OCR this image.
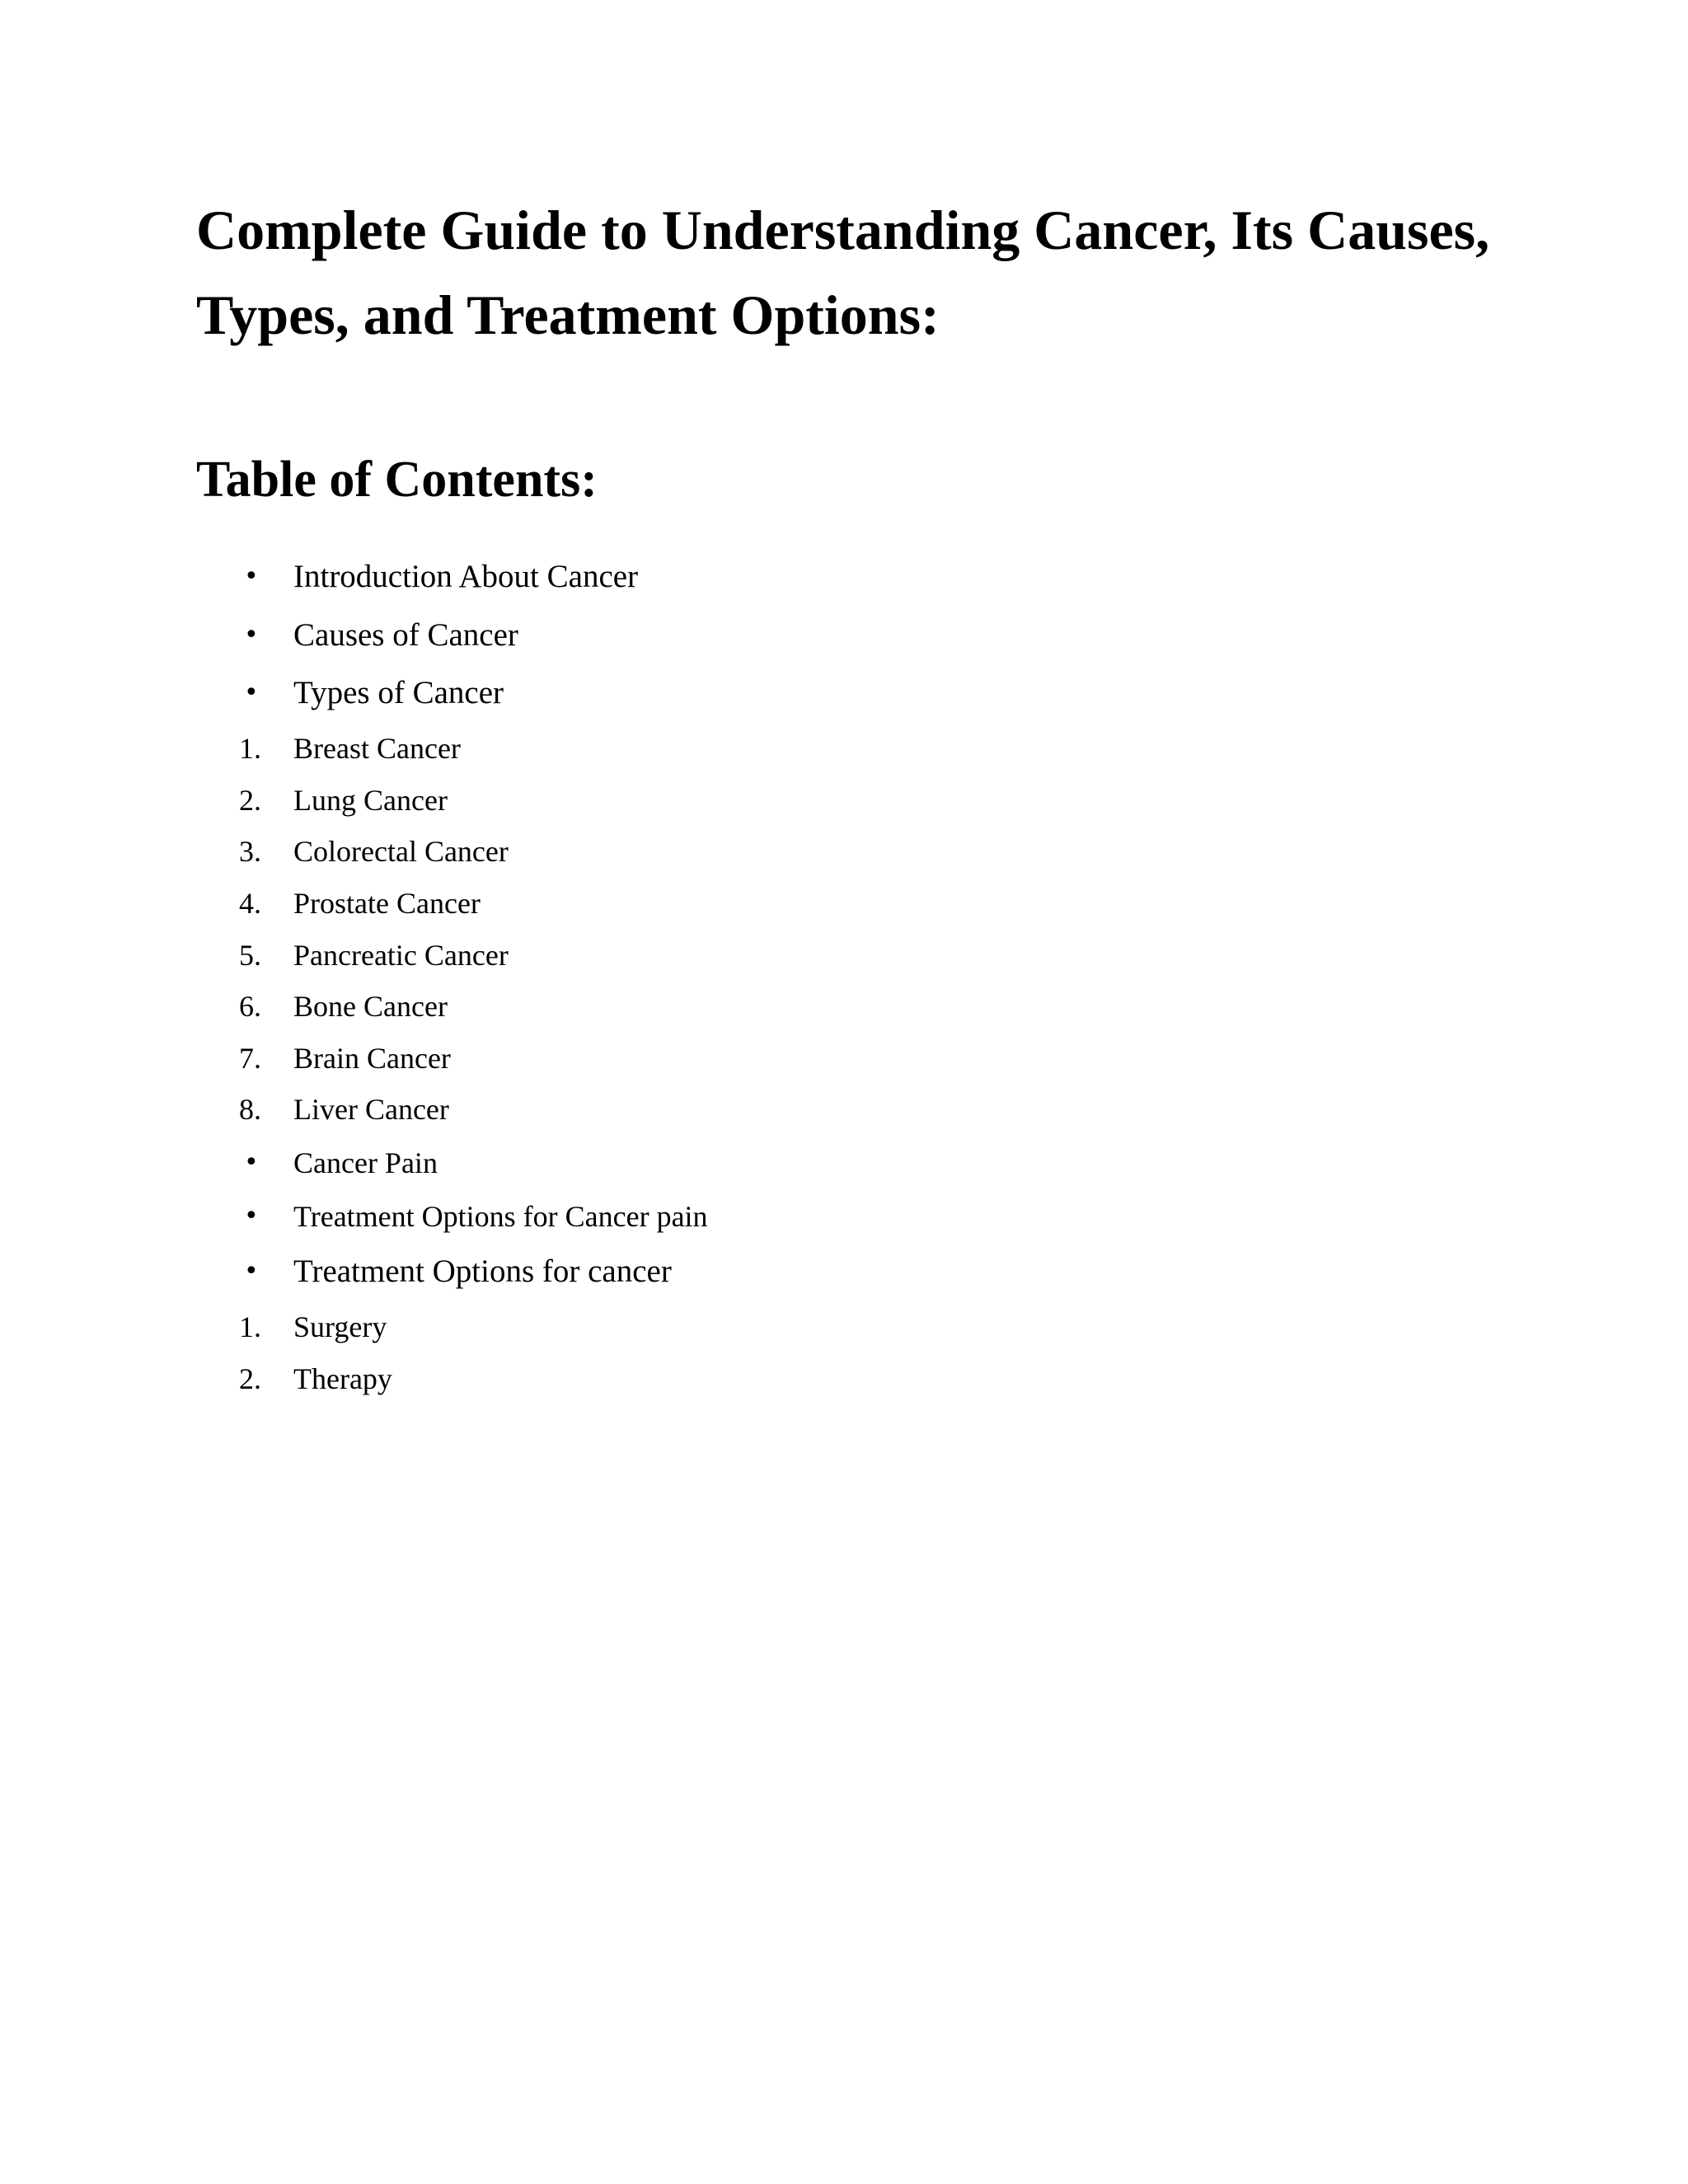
Complete Guide to Understanding Cancer, Its Causes, Types, and Treatment Options:
Table of Contents:
•	Introduction About Cancer
•	Causes of Cancer
•	Types of Cancer
1.	Breast Cancer
2.	Lung Cancer
3.	Colorectal Cancer
4.	Prostate Cancer
5.	Pancreatic Cancer
6.	Bone Cancer
7.	Brain Cancer
8.	Liver Cancer
•	Cancer Pain
•	Treatment Options for Cancer pain
•	Treatment Options for cancer
1.	Surgery
2.	Therapy
